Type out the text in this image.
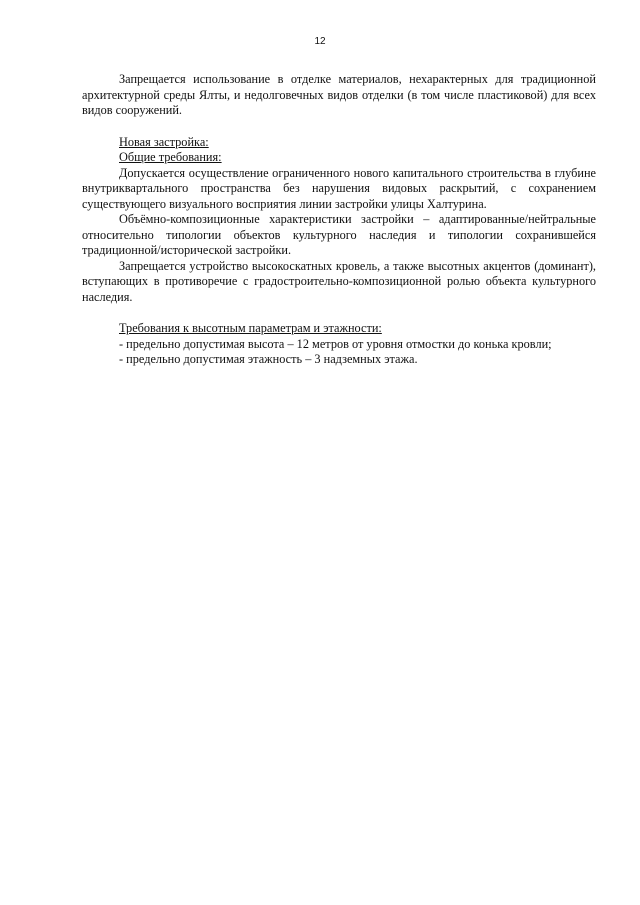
12

Запрещается использование в отделке материалов, нехарактерных для традиционной архитектурной среды Ялты, и недолговечных видов отделки (в том числе пластиковой) для всех видов сооружений.

Новая застройка:

Общие требования:

Допускается осуществление ограниченного нового капитального строительства в глубине внутриквартального пространства без нарушения видовых раскрытий, с сохранением существующего визуального восприятия линии застройки улицы Халтурина.

Объёмно-композиционные характеристики застройки – адаптированные/нейтральные относительно типологии объектов культурного наследия и типологии сохранившейся традиционной/исторической застройки.

Запрещается устройство высокоскатных кровель, а также высотных акцентов (доминант), вступающих в противоречие с градостроительно-композиционной ролью объекта культурного наследия.

Требования к высотным параметрам и этажности:

- предельно допустимая высота – 12 метров от уровня отмостки до конька кровли;

- предельно допустимая этажность – 3 надземных этажа.
